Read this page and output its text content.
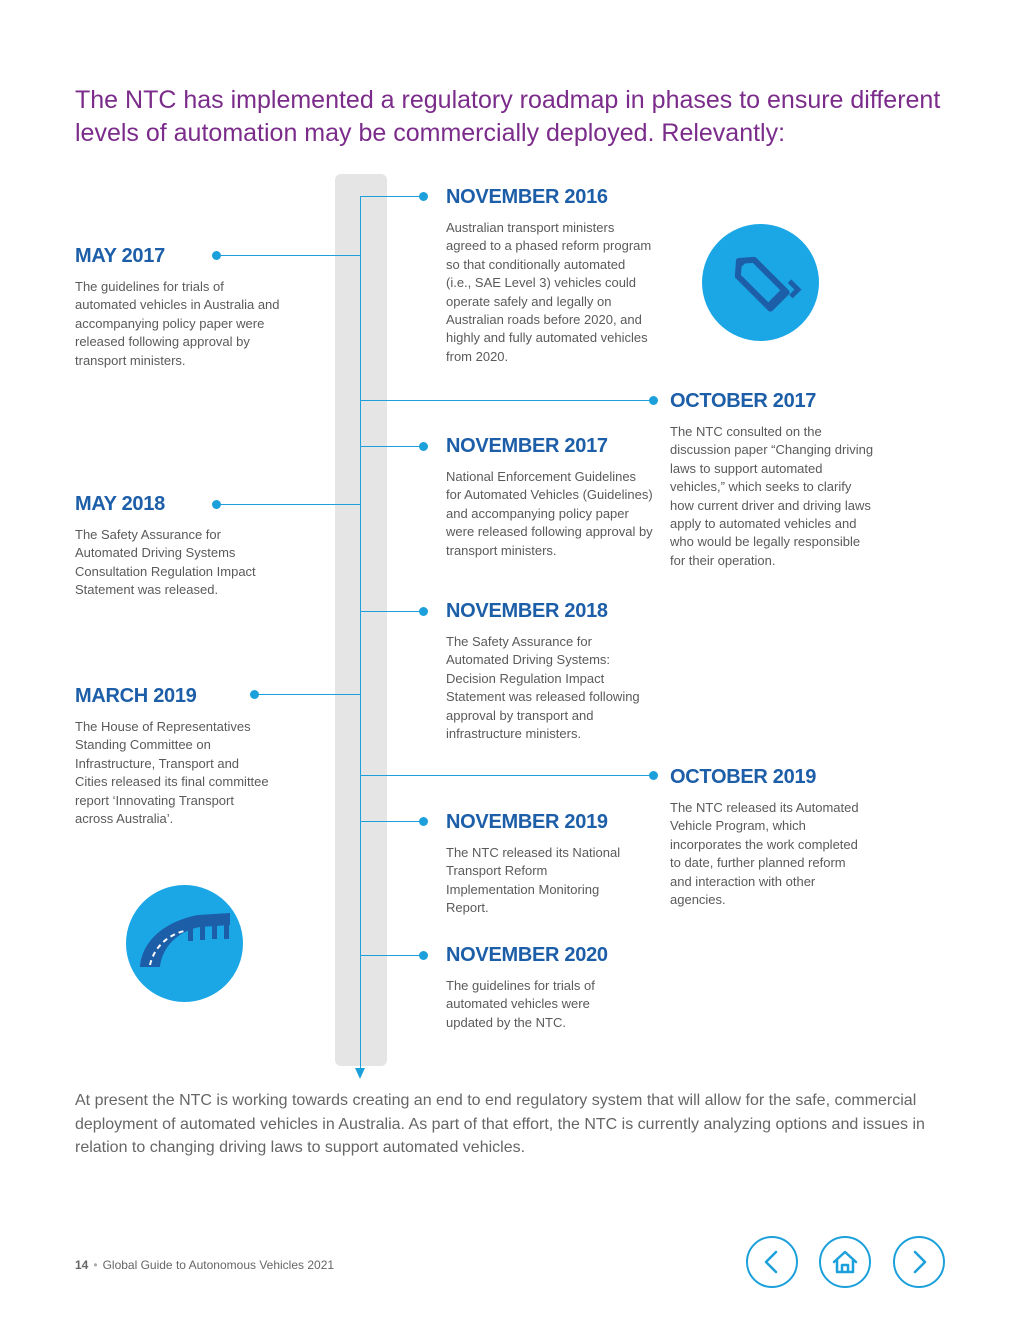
The NTC has implemented a regulatory roadmap in phases to ensure different levels of automation may be commercially deployed. Relevantly:
MAY 2017

The guidelines for trials of automated vehicles in Australia and accompanying policy paper were released following approval by transport ministers.

MAY 2018

The Safety Assurance for Automated Driving Systems Consultation Regulation Impact Statement was released.

MARCH 2019

The House of Representatives Standing Committee on Infrastructure, Transport and Cities released its final committee report ‘Innovating Transport across Australia’.

NOVEMBER 2016

Australian transport ministers agreed to a phased reform program so that conditionally automated (i.e., SAE Level 3) vehicles could operate safely and legally on Australian roads before 2020, and highly and fully automated vehicles from 2020.

NOVEMBER 2017

National Enforcement Guidelines for Automated Vehicles (Guidelines) and accompanying policy paper were released following approval by transport ministers.

NOVEMBER 2018

The Safety Assurance for Automated Driving Systems: Decision Regulation Impact Statement was released following approval by transport and infrastructure ministers.

NOVEMBER 2019

The NTC released its National Transport Reform Implementation Monitoring Report.

NOVEMBER 2020

The guidelines for trials of automated vehicles were updated by the NTC.

OCTOBER 2017

The NTC consulted on the discussion paper “Changing driving laws to support automated vehicles,” which seeks to clarify how current driver and driving laws apply to automated vehicles and who would be legally responsible for their operation.

OCTOBER 2019

The NTC released its Automated Vehicle Program, which incorporates the work completed to date, further planned reform and interaction with other agencies.

At present the NTC is working towards creating an end to end regulatory system that will allow for the safe, commercial deployment of automated vehicles in Australia. As part of that effort, the NTC is currently analyzing options and issues in relation to changing driving laws to support automated vehicles.

14 • Global Guide to Autonomous Vehicles 2021
